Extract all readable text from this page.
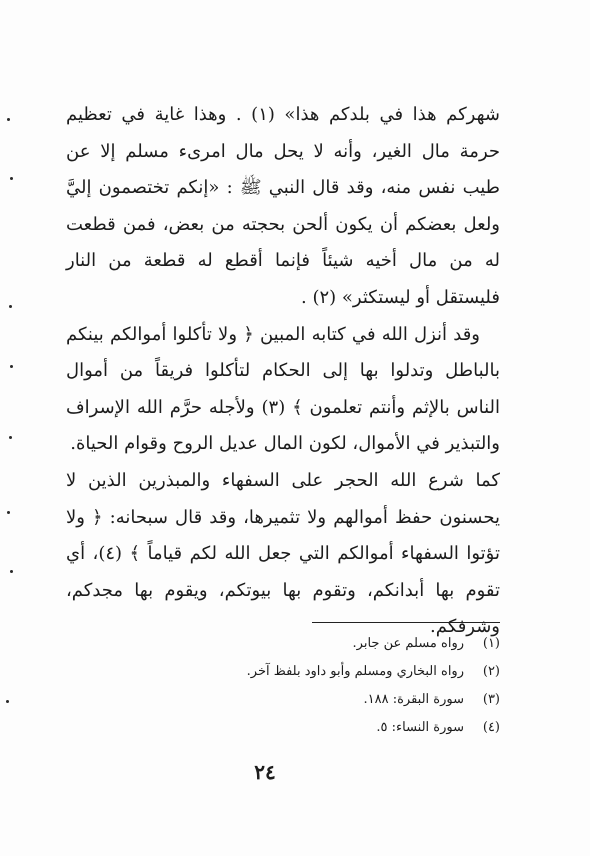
شهركم هذا في بلدكم هذا» (١) . وهذا غاية في تعظيم حرمة مال الغير، وأنه لا يحل مال امرىء مسلم إلا عن طيب نفس منه، وقد قال النبي ﷺ : «إنكم تختصمون إليَّ ولعل بعضكم أن يكون ألحن بحجته من بعض، فمن قطعت له من مال أخيه شيئاً فإنما أقطع له قطعة من النار فليستقل أو ليستكثر» (٢) .

وقد أنزل الله في كتابه المبين ﴿ ولا تأكلوا أموالكم بينكم بالباطل وتدلوا بها إلى الحكام لتأكلوا فريقاً من أموال الناس بالإثم وأنتم تعلمون ﴾ (٣) ولأجله حرَّم الله الإسراف والتبذير في الأموال، لكون المال عديل الروح وقوام الحياة.

كما شرع الله الحجر على السفهاء والمبذرين الذين لا يحسنون حفظ أموالهم ولا تثميرها، وقد قال سبحانه: ﴿ ولا تؤتوا السفهاء أموالكم التي جعل الله لكم قياماً ﴾ (٤)، أي تقوم بها أبدانكم، وتقوم بها بيوتكم، ويقوم بها مجدكم، وشرفكم.

(١)
رواه مسلم عن جابر.
(٢)
رواه البخاري ومسلم وأبو داود بلفظ آخر.
(٣)
سورة البقرة: ١٨٨.
(٤)
سورة النساء: ٥.
٢٤
